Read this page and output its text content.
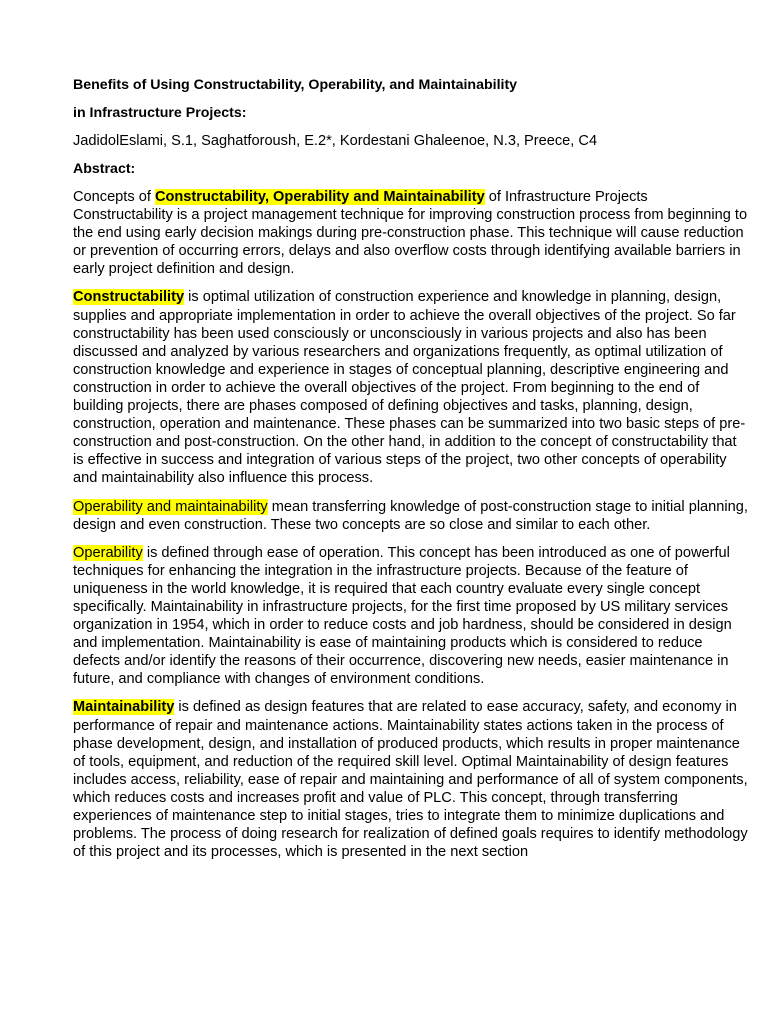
Benefits of Using Constructability, Operability, and Maintainability

in Infrastructure Projects:

JadidolEslami, S.1, Saghatforoush, E.2*, Kordestani Ghaleenoe, N.3, Preece, C4
Abstract:
Concepts of Constructability, Operability and Maintainability of Infrastructure Projects Constructability is a project management technique for improving construction process from beginning to the end using early decision makings during pre-construction phase. This technique will cause reduction or prevention of occurring errors, delays and also overflow costs through identifying available barriers in early project definition and design.
Constructability is optimal utilization of construction experience and knowledge in planning, design, supplies and appropriate implementation in order to achieve the overall objectives of the project. So far constructability has been used consciously or unconsciously in various projects and also has been discussed and analyzed by various researchers and organizations frequently, as optimal utilization of construction knowledge and experience in stages of conceptual planning, descriptive engineering and construction in order to achieve the overall objectives of the project. From beginning to the end of building projects, there are phases composed of defining objectives and tasks, planning, design, construction, operation and maintenance. These phases can be summarized into two basic steps of pre-construction and post-construction. On the other hand, in addition to the concept of constructability that is effective in success and integration of various steps of the project, two other concepts of operability and maintainability also influence this process.
Operability and maintainability mean transferring knowledge of post-construction stage to initial planning, design and even construction. These two concepts are so close and similar to each other.
Operability is defined through ease of operation. This concept has been introduced as one of powerful techniques for enhancing the integration in the infrastructure projects. Because of the feature of uniqueness in the world knowledge, it is required that each country evaluate every single concept specifically. Maintainability in infrastructure projects, for the first time proposed by US military services organization in 1954, which in order to reduce costs and job hardness, should be considered in design and implementation. Maintainability is ease of maintaining products which is considered to reduce defects and/or identify the reasons of their occurrence, discovering new needs, easier maintenance in future, and compliance with changes of environment conditions.
Maintainability is defined as design features that are related to ease accuracy, safety, and economy in performance of repair and maintenance actions. Maintainability states actions taken in the process of phase development, design, and installation of produced products, which results in proper maintenance of tools, equipment, and reduction of the required skill level. Optimal Maintainability of design features includes access, reliability, ease of repair and maintaining and performance of all of system components, which reduces costs and increases profit and value of PLC. This concept, through transferring experiences of maintenance step to initial stages, tries to integrate them to minimize duplications and problems. The process of doing research for realization of defined goals requires to identify methodology of this project and its processes, which is presented in the next section
